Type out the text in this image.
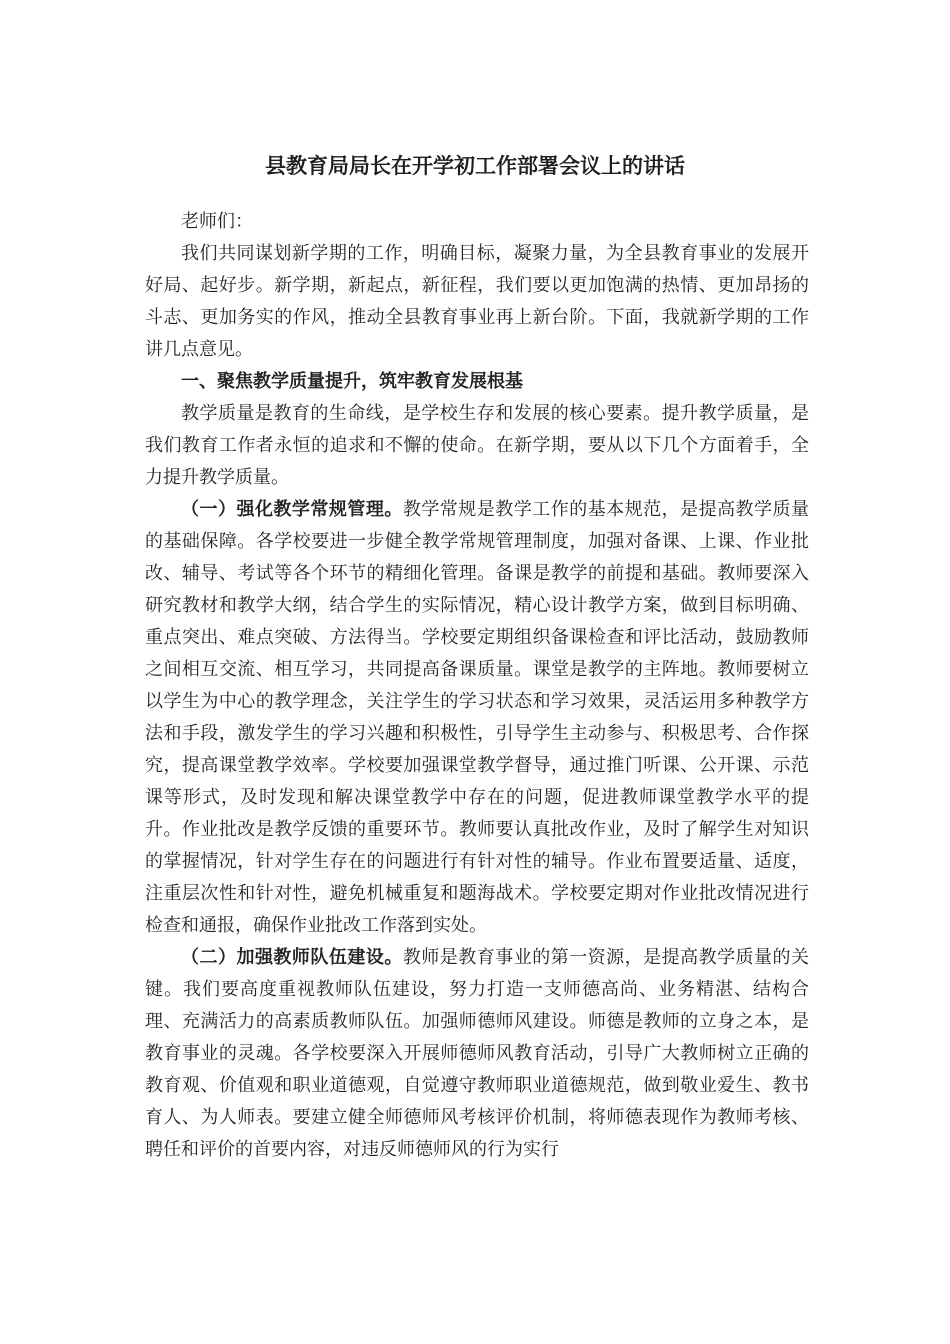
县教育局局长在开学初工作部署会议上的讲话

老师们：

我们共同谋划新学期的工作，明确目标，凝聚力量，为全县教育事业的发展开好局、起好步。新学期，新起点，新征程，我们要以更加饱满的热情、更加昂扬的斗志、更加务实的作风，推动全县教育事业再上新台阶。下面，我就新学期的工作讲几点意见。

一、聚焦教学质量提升，筑牢教育发展根基

教学质量是教育的生命线，是学校生存和发展的核心要素。提升教学质量，是我们教育工作者永恒的追求和不懈的使命。在新学期，要从以下几个方面着手，全力提升教学质量。

（一）强化教学常规管理。教学常规是教学工作的基本规范，是提高教学质量的基础保障。各学校要进一步健全教学常规管理制度，加强对备课、上课、作业批改、辅导、考试等各个环节的精细化管理。备课是教学的前提和基础。教师要深入研究教材和教学大纲，结合学生的实际情况，精心设计教学方案，做到目标明确、重点突出、难点突破、方法得当。学校要定期组织备课检查和评比活动，鼓励教师之间相互交流、相互学习，共同提高备课质量。课堂是教学的主阵地。教师要树立以学生为中心的教学理念，关注学生的学习状态和学习效果，灵活运用多种教学方法和手段，激发学生的学习兴趣和积极性，引导学生主动参与、积极思考、合作探究，提高课堂教学效率。学校要加强课堂教学督导，通过推门听课、公开课、示范课等形式，及时发现和解决课堂教学中存在的问题，促进教师课堂教学水平的提升。作业批改是教学反馈的重要环节。教师要认真批改作业，及时了解学生对知识的掌握情况，针对学生存在的问题进行有针对性的辅导。作业布置要适量、适度，注重层次性和针对性，避免机械重复和题海战术。学校要定期对作业批改情况进行检查和通报，确保作业批改工作落到实处。

（二）加强教师队伍建设。教师是教育事业的第一资源，是提高教学质量的关键。我们要高度重视教师队伍建设，努力打造一支师德高尚、业务精湛、结构合理、充满活力的高素质教师队伍。加强师德师风建设。师德是教师的立身之本，是教育事业的灵魂。各学校要深入开展师德师风教育活动，引导广大教师树立正确的教育观、价值观和职业道德观，自觉遵守教师职业道德规范，做到敬业爱生、教书育人、为人师表。要建立健全师德师风考核评价机制，将师德表现作为教师考核、聘任和评价的首要内容，对违反师德师风的行为实行
